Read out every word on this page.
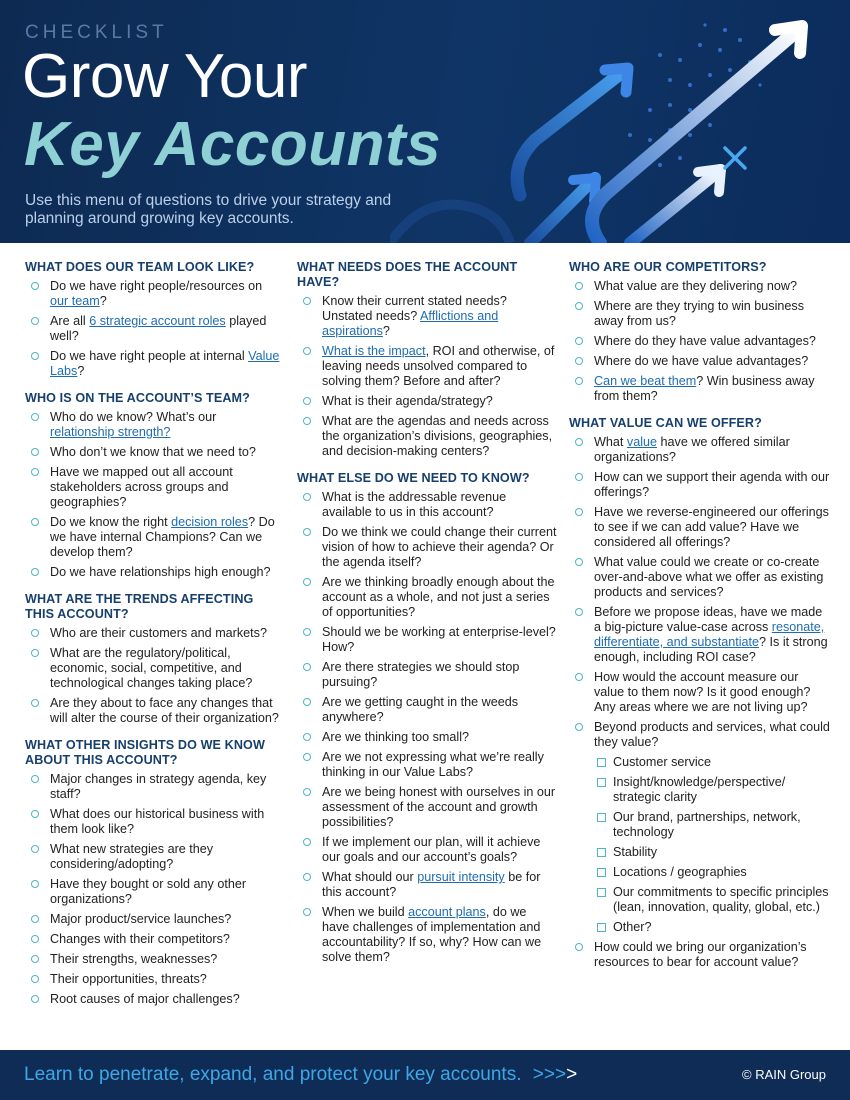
CHECKLIST
Grow Your
Key Accounts
Use this menu of questions to drive your strategy and planning around growing key accounts.
WHAT DOES OUR TEAM LOOK LIKE?
Do we have right people/resources on our team?
Are all 6 strategic account roles played well?
Do we have right people at internal Value Labs?
WHO IS ON THE ACCOUNT’S TEAM?
Who do we know? What’s our relationship strength?
Who don’t we know that we need to?
Have we mapped out all account stakeholders across groups and geographies?
Do we know the right decision roles? Do we have internal Champions? Can we develop them?
Do we have relationships high enough?
WHAT ARE THE TRENDS AFFECTING THIS ACCOUNT?
Who are their customers and markets?
What are the regulatory/political, economic, social, competitive, and technological changes taking place?
Are they about to face any changes that will alter the course of their organization?
WHAT OTHER INSIGHTS DO WE KNOW ABOUT THIS ACCOUNT?
Major changes in strategy agenda, key staff?
What does our historical business with them look like?
What new strategies are they considering/adopting?
Have they bought or sold any other organizations?
Major product/service launches?
Changes with their competitors?
Their strengths, weaknesses?
Their opportunities, threats?
Root causes of major challenges?
WHAT NEEDS DOES THE ACCOUNT HAVE?
Know their current stated needs? Unstated needs? Afflictions and aspirations?
What is the impact, ROI and otherwise, of leaving needs unsolved compared to solving them? Before and after?
What is their agenda/strategy?
What are the agendas and needs across the organization’s divisions, geographies, and decision-making centers?
WHAT ELSE DO WE NEED TO KNOW?
What is the addressable revenue available to us in this account?
Do we think we could change their current vision of how to achieve their agenda? Or the agenda itself?
Are we thinking broadly enough about the account as a whole, and not just a series of opportunities?
Should we be working at enterprise-level? How?
Are there strategies we should stop pursuing?
Are we getting caught in the weeds anywhere?
Are we thinking too small?
Are we not expressing what we’re really thinking in our Value Labs?
Are we being honest with ourselves in our assessment of the account and growth possibilities?
If we implement our plan, will it achieve our goals and our account’s goals?
What should our pursuit intensity be for this account?
When we build account plans, do we have challenges of implementation and accountability? If so, why? How can we solve them?
WHO ARE OUR COMPETITORS?
What value are they delivering now?
Where are they trying to win business away from us?
Where do they have value advantages?
Where do we have value advantages?
Can we beat them? Win business away from them?
WHAT VALUE CAN WE OFFER?
What value have we offered similar organizations?
How can we support their agenda with our offerings?
Have we reverse-engineered our offerings to see if we can add value? Have we considered all offerings?
What value could we create or co-create over-and-above what we offer as existing products and services?
Before we propose ideas, have we made a big-picture value-case across resonate, differentiate, and substantiate? Is it strong enough, including ROI case?
How would the account measure our value to them now? Is it good enough? Any areas where we are not living up?
Beyond products and services, what could they value?
Customer service
Insight/knowledge/perspective/ strategic clarity
Our brand, partnerships, network, technology
Stability
Locations / geographies
Our commitments to specific principles (lean, innovation, quality, global, etc.)
Other?
How could we bring our organization’s resources to bear for account value?
Learn to penetrate, expand, and protect your key accounts. >>>>	© RAIN Group
